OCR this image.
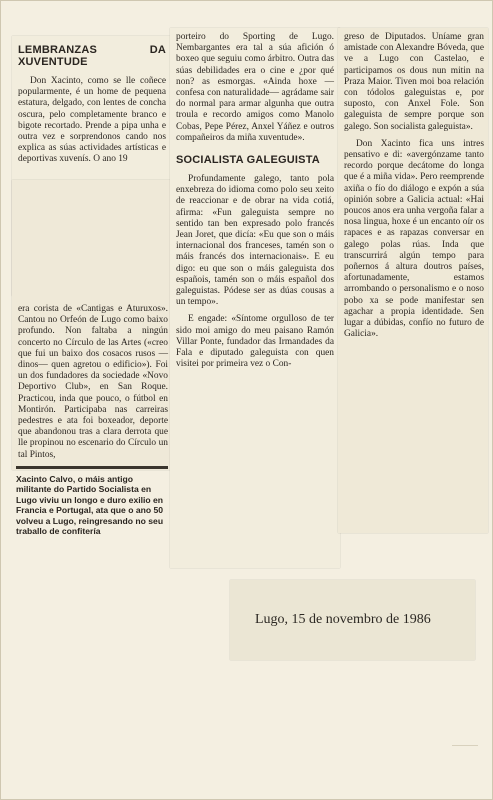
LEMBRANZAS DA XUVENTUDE

Don Xacinto, como se lle coñece popularmente, é un home de pequena estatura, delgado, con lentes de concha oscura, pelo completamente branco e bigote recortado. Prende a pipa unha e outra vez e sorprendonos cando nos explica as súas actividades artísticas e deportivas xuvenís. O ano 19

era corista de «Cantigas e Aturuxos». Cantou no Orfeón de Lugo como baixo profundo. Non faltaba a ningún concerto no Círculo de las Artes («creo que fui un baixo dos cosacos rusos —dinos— quen agretou o edificio»). Foi un dos fundadores da sociedade «Novo Deportivo Club», en San Roque. Practicou, inda que pouco, o fútbol en Montirón. Participaba nas carreiras pedestres e ata foi boxeador, deporte que abandonou tras a clara derrota que lle propinou no escenario do Círculo un tal Pintos,

Xacinto Calvo, o máis antigo militante do Partido Socialista en Lugo viviu un longo e duro exilio en Francia e Portugal, ata que o ano 50 volveu a Lugo, reingresando no seu traballo de confitería

porteiro do Sporting de Lugo. Nembargantes era tal a súa afición ó boxeo que seguiu como árbitro. Outra das súas debilidades era o cine e ¿por qué non? as esmorgas. «Ainda hoxe —confesa con naturalidade— agrádame sair do normal para armar algunha que outra troula e recordo amigos como Manolo Cobas, Pepe Pérez, Anxel Yáñez e outros compañeiros da miña xuventude».

SOCIALISTA GALEGUISTA

Profundamente galego, tanto pola enxebreza do idioma como polo seu xeito de reaccionar e de obrar na vida cotiá, afirma: «Fun galeguista sempre no sentido tan ben expresado polo francés Jean Joret, que dicía: «Eu que son o máis internacional dos franceses, tamén son o máis francés dos internacionais». E eu digo: eu que son o máis galeguista dos españois, tamén son o máis español dos galeguistas. Pódese ser as dúas cousas a un tempo».

E engade: «Síntome orgulloso de ter sido moi amigo do meu paisano Ramón Villar Ponte, fundador das Irmandades da Fala e diputado galeguista con quen visitei por primeira vez o Con-

greso de Diputados. Uníame gran amistade con Alexandre Bóveda, que ve a Lugo con Castelao, e participamos os dous nun mitin na Praza Maior. Tiven moi boa relación con tódolos galeguistas e, por suposto, con Anxel Fole. Son galeguista de sempre porque son galego. Son socialista galeguista».

Don Xacinto fica uns intres pensativo e di: «avergónzame tanto recordo porque decátome do longa que é a miña vida». Pero reemprende axiña o fío do diálogo e expón a súa opinión sobre a Galicia actual: «Hai poucos anos era unha vergoña falar a nosa lingua, hoxe é un encanto oír os rapaces e as rapazas conversar en galego polas rúas. Inda que transcurrirá algún tempo para poñernos á altura doutros países, afortunadamente, estamos arrombando o personalismo e o noso pobo xa se pode manifestar sen agachar a propia identidade. Sen lugar a dúbidas, confío no futuro de Galicia».

Lugo, 15 de novembro de 1986
